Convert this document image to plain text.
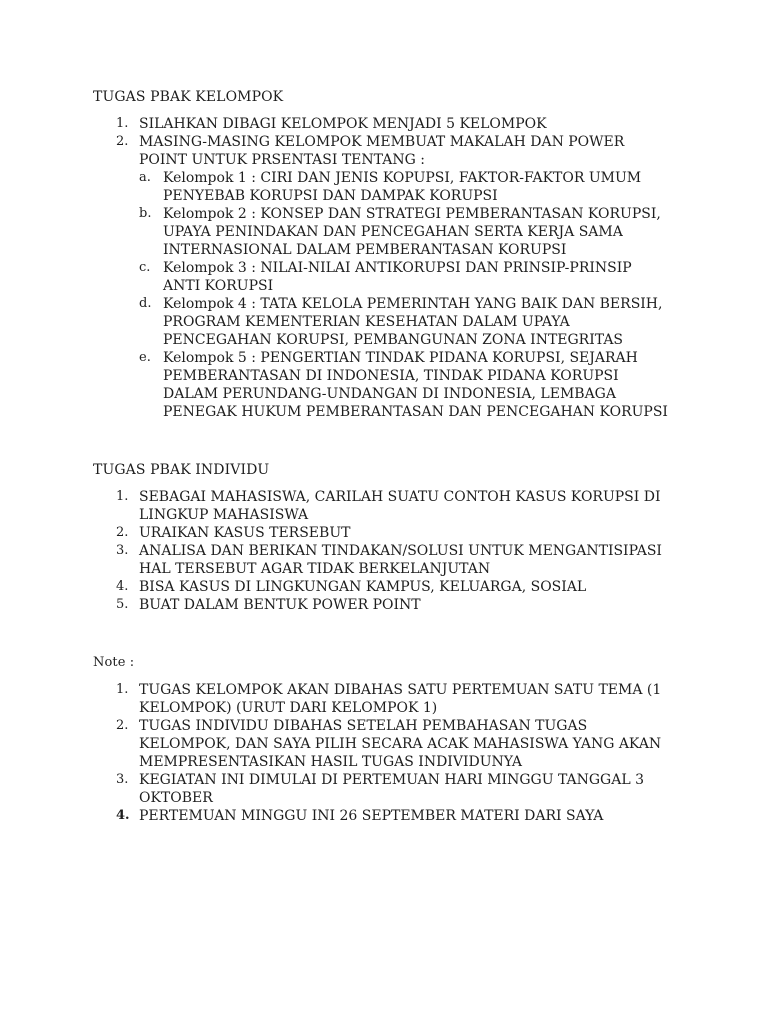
TUGAS PBAK KELOMPOK
1. SILAHKAN DIBAGI KELOMPOK MENJADI 5 KELOMPOK
2. MASING-MASING KELOMPOK MEMBUAT MAKALAH DAN POWER POINT UNTUK PRSENTASI TENTANG :
a. Kelompok 1 : CIRI DAN JENIS KOPUPSI, FAKTOR-FAKTOR UMUM PENYEBAB KORUPSI DAN DAMPAK KORUPSI
b. Kelompok 2 : KONSEP DAN STRATEGI PEMBERANTASAN KORUPSI, UPAYA PENINDAKAN DAN PENCEGAHAN SERTA KERJA SAMA INTERNASIONAL DALAM PEMBERANTASAN KORUPSI
c. Kelompok 3 : NILAI-NILAI ANTIKORUPSI DAN PRINSIP-PRINSIP ANTI KORUPSI
d. Kelompok 4 : TATA KELOLA PEMERINTAH YANG BAIK DAN BERSIH, PROGRAM KEMENTERIAN KESEHATAN DALAM UPAYA PENCEGAHAN KORUPSI, PEMBANGUNAN ZONA INTEGRITAS
e. Kelompok 5 : PENGERTIAN TINDAK PIDANA KORUPSI, SEJARAH PEMBERANTASAN DI INDONESIA, TINDAK PIDANA KORUPSI DALAM PERUNDANG-UNDANGAN DI INDONESIA, LEMBAGA PENEGAK HUKUM PEMBERANTASAN DAN PENCEGAHAN KORUPSI
TUGAS PBAK INDIVIDU
1. SEBAGAI MAHASISWA, CARILAH SUATU CONTOH KASUS KORUPSI DI LINGKUP MAHASISWA
2. URAIKAN KASUS TERSEBUT
3. ANALISA DAN BERIKAN TINDAKAN/SOLUSI UNTUK MENGANTISIPASI HAL TERSEBUT AGAR TIDAK BERKELANJUTAN
4. BISA KASUS DI LINGKUNGAN KAMPUS, KELUARGA, SOSIAL
5. BUAT DALAM BENTUK POWER POINT
Note :
1. TUGAS KELOMPOK AKAN DIBAHAS SATU PERTEMUAN SATU TEMA (1 KELOMPOK) (URUT DARI KELOMPOK 1)
2. TUGAS INDIVIDU DIBAHAS SETELAH PEMBAHASAN TUGAS KELOMPOK, DAN SAYA PILIH SECARA ACAK MAHASISWA YANG AKAN MEMPRESENTASIKAN HASIL TUGAS INDIVIDUNYA
3. KEGIATAN INI DIMULAI DI PERTEMUAN HARI MINGGU TANGGAL 3 OKTOBER
4. PERTEMUAN MINGGU INI 26 SEPTEMBER MATERI DARI SAYA
